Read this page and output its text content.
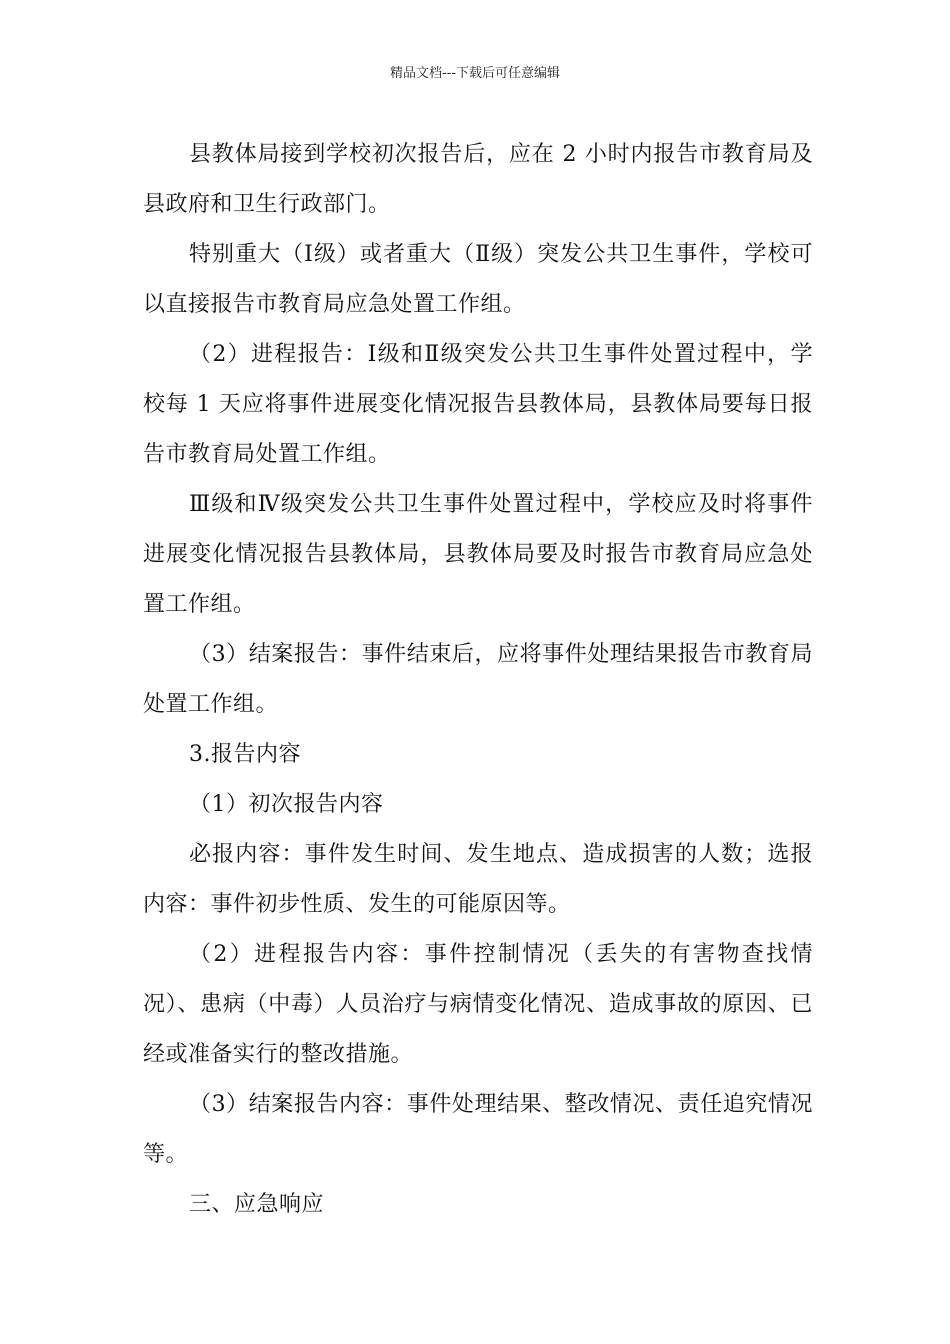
精品文档---下载后可任意编辑

县教体局接到学校初次报告后，应在 2 小时内报告市教育局及县政府和卫生行政部门。

特别重大（Ⅰ级）或者重大（Ⅱ级）突发公共卫生事件，学校可以直接报告市教育局应急处置工作组。

（2）进程报告：Ⅰ级和Ⅱ级突发公共卫生事件处置过程中，学校每 1 天应将事件进展变化情况报告县教体局，县教体局要每日报告市教育局处置工作组。

Ⅲ级和Ⅳ级突发公共卫生事件处置过程中，学校应及时将事件进展变化情况报告县教体局，县教体局要及时报告市教育局应急处置工作组。

（3）结案报告：事件结束后，应将事件处理结果报告市教育局处置工作组。

3.报告内容

（1）初次报告内容

必报内容：事件发生时间、发生地点、造成损害的人数；选报内容：事件初步性质、发生的可能原因等。

（2）进程报告内容：事件控制情况（丢失的有害物查找情况）、患病（中毒）人员治疗与病情变化情况、造成事故的原因、已经或准备实行的整改措施。

（3）结案报告内容：事件处理结果、整改情况、责任追究情况等。

三、应急响应
